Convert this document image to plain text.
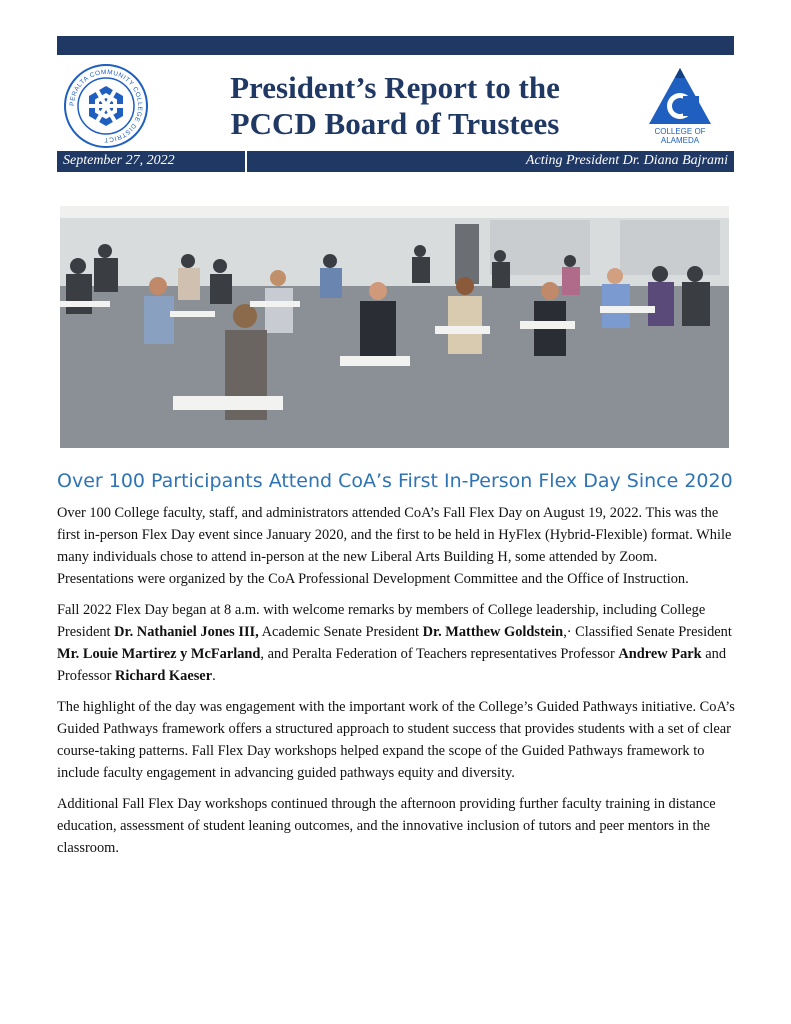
PERALTA COMMUNITY COLLEGE DISTRICT
President’s Report to the
PCCD Board of Trustees	COLLEGE OF
ALAMEDA
September 27, 2022	Acting President Dr. Diana Bajrami
Over 100 Participants Attend CoA’s First In-Person Flex Day Since 2020

Over 100 College faculty, staff, and administrators attended CoA’s Fall Flex Day on August 19, 2022. This was the first in-person Flex Day event since January 2020, and the first to be held in HyFlex (Hybrid-Flexible) format. While many individuals chose to attend in-person at the new Liberal Arts Building H, some attended by Zoom. Presentations were organized by the CoA Professional Development Committee and the Office of Instruction.

Fall 2022 Flex Day began at 8 a.m. with welcome remarks by members of College leadership, including College President Dr. Nathaniel Jones III, Academic Senate President Dr. Matthew Goldstein,· Classified Senate President Mr. Louie Martirez y McFarland, and Peralta Federation of Teachers representatives Professor Andrew Park and Professor Richard Kaeser.

The highlight of the day was engagement with the important work of the College’s Guided Pathways initiative. CoA’s Guided Pathways framework offers a structured approach to student success that provides students with a set of clear course-taking patterns. Fall Flex Day workshops helped expand the scope of the Guided Pathways framework to include faculty engagement in advancing guided pathways equity and diversity.

Additional Fall Flex Day workshops continued through the afternoon providing further faculty training in distance education, assessment of student leaning outcomes, and the innovative inclusion of tutors and peer mentors in the classroom.
